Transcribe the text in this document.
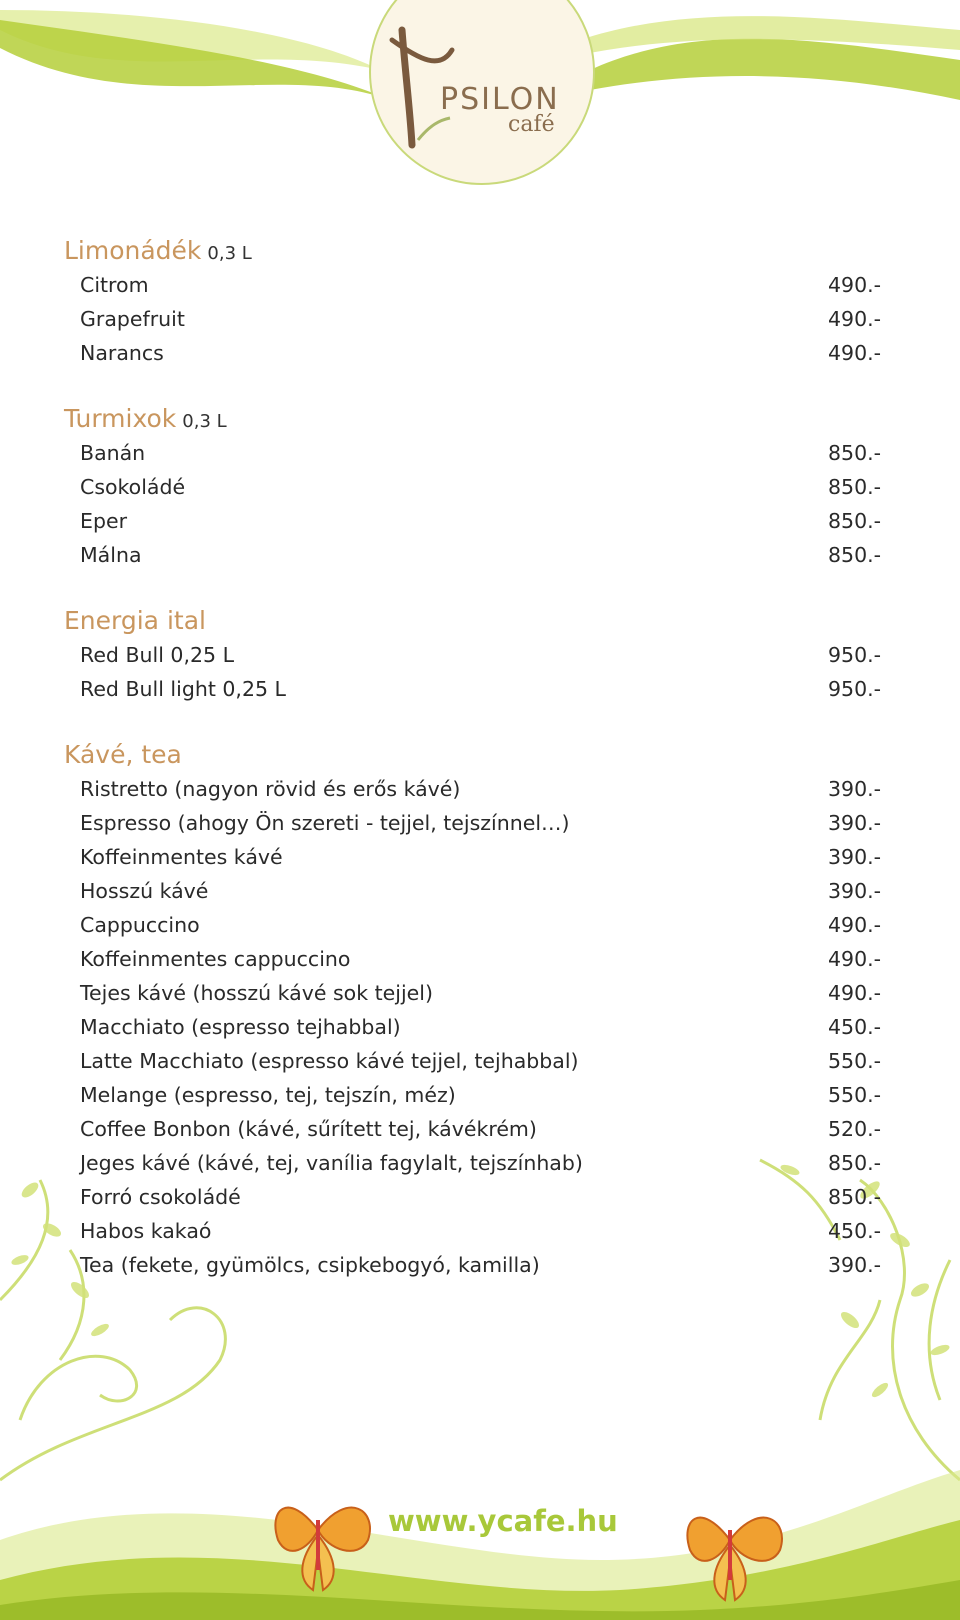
PSILON
café
Limonádék 0,3 L
Citrom	490.-
Grapefruit	490.-
Narancs	490.-
Turmixok 0,3 L
Banán	850.-
Csokoládé	850.-
Eper	850.-
Málna	850.-
Energia ital
Red Bull 0,25 L	950.-
Red Bull light 0,25 L	950.-
Kávé, tea
Ristretto (nagyon rövid és erős kávé)	390.-
Espresso (ahogy Ön szereti - tejjel, tejszínnel…)	390.-
Koffeinmentes kávé	390.-
Hosszú kávé	390.-
Cappuccino	490.-
Koffeinmentes cappuccino	490.-
Tejes kávé (hosszú kávé sok tejjel)	490.-
Macchiato (espresso tejhabbal)	450.-
Latte Macchiato (espresso kávé tejjel, tejhabbal)	550.-
Melange (espresso, tej, tejszín, méz)	550.-
Coffee Bonbon (kávé, sűrített tej, kávékrém)	520.-
Jeges kávé (kávé, tej, vanília fagylalt, tejszínhab)	850.-
Forró csokoládé	850.-
Habos kakaó	450.-
Tea (fekete, gyümölcs, csipkebogyó, kamilla)	390.-
www.ycafe.hu
